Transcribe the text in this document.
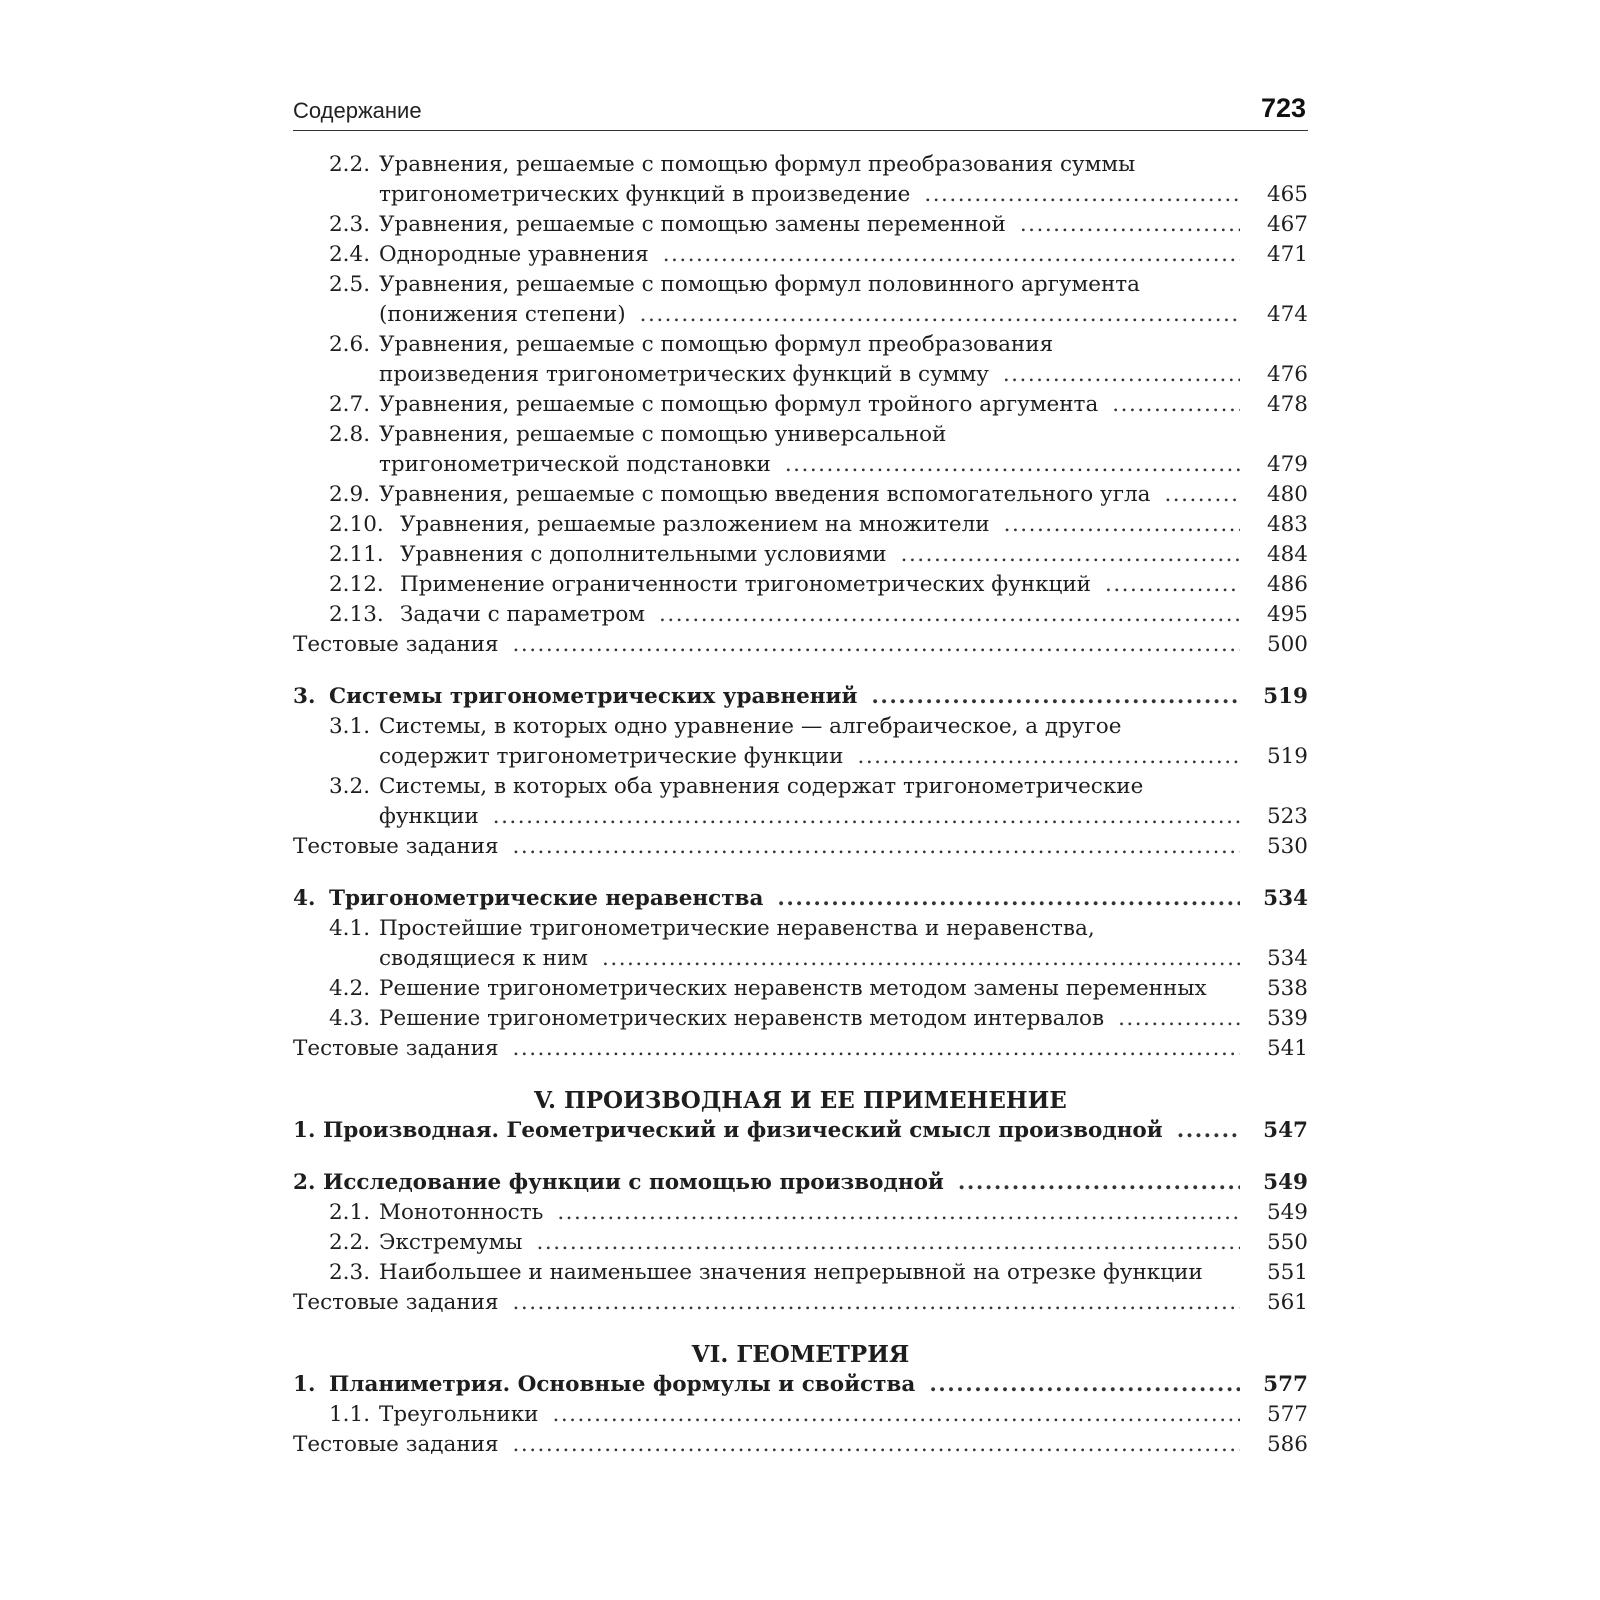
Содержание	723
2.2. Уравнения, решаемые с помощью формул преобразования суммы
тригонометрических функций в произведение	465
.....
2.3. Уравнения, решаемые с помощью замены переменной	467
.....
2.4. Однородные уравнения	471
.....
2.5. Уравнения, решаемые с помощью формул половинного аргумента
(понижения степени)	474
.....
2.6. Уравнения, решаемые с помощью формул преобразования
произведения тригонометрических функций в сумму	476
.....
2.7. Уравнения, решаемые с помощью формул тройного аргумента	478
.....
2.8. Уравнения, решаемые с помощью универсальной
тригонометрической подстановки	479
.....
2.9. Уравнения, решаемые с помощью введения вспомогательного угла	480
.....
2.10. Уравнения, решаемые разложением на множители	483
.....
2.11. Уравнения с дополнительными условиями	484
.....
2.12. Применение ограниченности тригонометрических функций	486
.....
2.13. Задачи с параметром	495
.....
Тестовые задания	500
.....
3. Системы тригонометрических уравнений	519
.....
3.1. Системы, в которых одно уравнение — алгебраическое, а другое
содержит тригонометрические функции	519
.....
3.2. Системы, в которых оба уравнения содержат тригонометрические
функции	523
.....
Тестовые задания	530
.....
4. Тригонометрические неравенства	534
.....
4.1. Простейшие тригонометрические неравенства и неравенства,
сводящиеся к ним	534
.....
4.2. Решение тригонометрических неравенств методом замены переменных	538
4.3. Решение тригонометрических неравенств методом интервалов	539
.....
Тестовые задания	541
.....
V. ПРОИЗВОДНАЯ И ЕЕ ПРИМЕНЕНИЕ
1. Производная. Геометрический и физический смысл производной	547
.....
2. Исследование функции с помощью производной	549
.....
2.1. Монотонность	549
.....
2.2. Экстремумы	550
.....
2.3. Наибольшее и наименьшее значения непрерывной на отрезке функции	551
Тестовые задания	561
.....
VI. ГЕОМЕТРИЯ
1. Планиметрия. Основные формулы и свойства	577
.....
1.1. Треугольники	577
.....
Тестовые задания	586
.....
